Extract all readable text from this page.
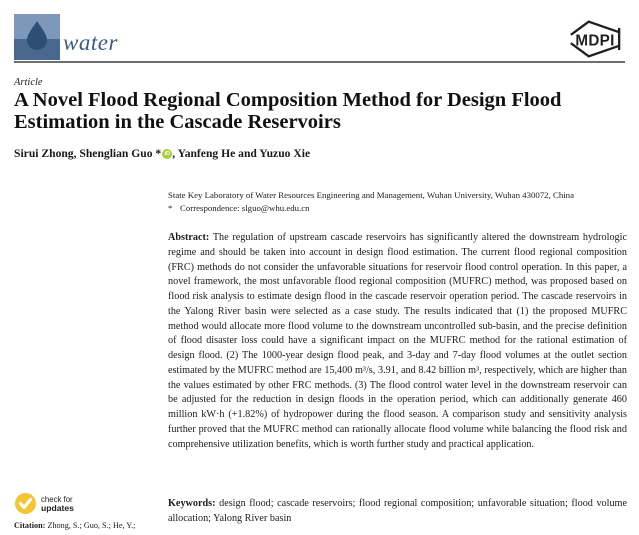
water	MDPI
Article
A Novel Flood Regional Composition Method for Design Flood
Estimation in the Cascade Reservoirs
Sirui Zhong, Shenglian Guo * iD , Yanfeng He and Yuzuo Xie
State Key Laboratory of Water Resources Engineering and Management, Wuhan University, Wuhan 430072, China
* Correspondence: slguo@whu.edu.cn
Abstract: The regulation of upstream cascade reservoirs has significantly altered the downstream hydrologic regime and should be taken into account in design flood estimation. The current flood regional composition (FRC) methods do not consider the unfavorable situations for reservoir flood control operation. In this paper, a novel framework, the most unfavorable flood regional composition (MUFRC) method, was proposed based on flood risk analysis to estimate design flood in the cascade reservoir operation period. The cascade reservoirs in the Yalong River basin were selected as a case study. The results indicated that (1) the proposed MUFRC method would allocate more flood volume to the downstream uncontrolled sub-basin, and the precise definition of flood disaster loss could have a significant impact on the MUFRC method for the rational estimation of design flood. (2) The 1000-year design flood peak, and 3-day and 7-day flood volumes at the outlet section estimated by the MUFRC method are 15,400 m³/s, 3.91, and 8.42 billion m³, respectively, which are higher than the values estimated by other FRC methods. (3) The flood control water level in the downstream reservoir can be adjusted for the reduction in design floods in the operation period, which can additionally generate 460 million kW·h (+1.82%) of hydropower during the flood season. A comparison study and sensitivity analysis further proved that the MUFRC method can rationally allocate flood volume while balancing the flood risk and comprehensive utilization benefits, which is worth further study and practical application.
Keywords: design flood; cascade reservoirs; flood regional composition; unfavorable situation; flood volume allocation; Yalong River basin
check for
updates
Citation: Zhong, S.; Guo, S.; He, Y.;
